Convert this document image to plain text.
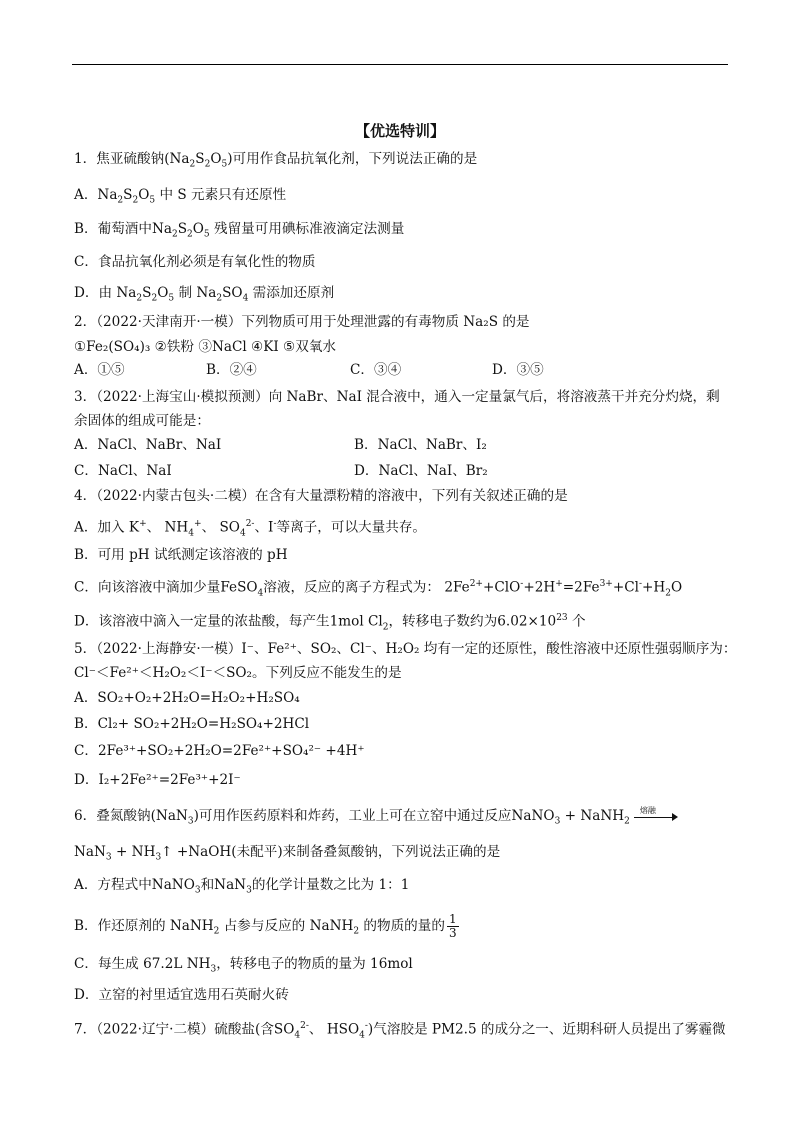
【优选特训】
1．焦亚硫酸钠$(Na_2S_2O_5)$可用作食品抗氧化剂，下列说法正确的是
A．$Na_2S_2O_5$ 中 S 元素只有还原性
B．葡萄酒中$Na_2S_2O_5$ 残留量可用碘标准液滴定法测量
C．食品抗氧化剂必须是有氧化性的物质
D．由 $Na_2S_2O_5$ 制 $Na_2SO_4$ 需添加还原剂
2．（2022·天津南开·一模）下列物质可用于处理泄露的有毒物质 Na₂S 的是
①Fe₂(SO₄)₃ ②铁粉 ③NaCl ④KI ⑤双氧水
3．（2022·上海宝山·模拟预测）向 NaBr、NaI 混合液中，通入一定量氯气后，将溶液蒸干并充分灼烧，剩
余固体的组成可能是：
A．NaCl、NaBr、NaI	B．NaCl、NaBr、I₂
C．NaCl、NaI	D．NaCl、NaI、Br₂
4．（2022·内蒙古包头·二模）在含有大量漂粉精的溶液中，下列有关叙述正确的是
A．加入 K+、 $NH_4^+$、 $SO_4^{2-}$、I-等离子，可以大量共存。
B．可用 pH 试纸测定该溶液的 pH
C．向该溶液中滴加少量FeSO$_4$溶液，反应的离子方程式为： $2Fe^{2+}+ClO^-+2H^+=2Fe^{3+}+Cl^-+H_2O$
D．该溶液中滴入一定量的浓盐酸，每产生1mol $Cl_2$，转移电子数约为$6.02\times 10^{23}$ 个
5．（2022·上海静安·一模）I⁻、Fe²⁺、SO₂、Cl⁻、H₂O₂ 均有一定的还原性，酸性溶液中还原性强弱顺序为：
Cl⁻＜Fe²⁺＜H₂O₂＜I⁻＜SO₂。下列反应不能发生的是
A．SO₂+O₂+2H₂O=H₂O₂+H₂SO₄
B．Cl₂+ SO₂+2H₂O=H₂SO₄+2HCl
C．2Fe³⁺+SO₂+2H₂O=2Fe²⁺+SO₄²⁻ +4H⁺
D．I₂+2Fe²⁺=2Fe³⁺+2I⁻
6．叠氮酸钠(NaN$_3$)可用作医药原料和炸药，工业上可在立窑中通过反应NaNO$_3$ + NaNH$_2$
熔融
$NaN_3 + NH_3↑$ +NaOH(未配平)来制备叠氮酸钠，下列说法正确的是
A．方程式中NaNO$_3$和NaN$_3$的化学计量数之比为 1：1
B．作还原剂的 NaNH$_2$ 占参与反应的 NaNH$_2$ 的物质的量的 $\frac{1}{3}$
C．每生成 67.2L $NH_3$，转移电子的物质的量为 16mol
D．立窑的衬里适宜选用石英耐火砖
7．（2022·辽宁·二模）硫酸盐(含$SO_4^{2-}$、 $HSO_4^-$)气溶胶是 PM2.5 的成分之一、近期科研人员提出了雾霾微
A．①⑤	B．②④	C．③④	D．③⑤
